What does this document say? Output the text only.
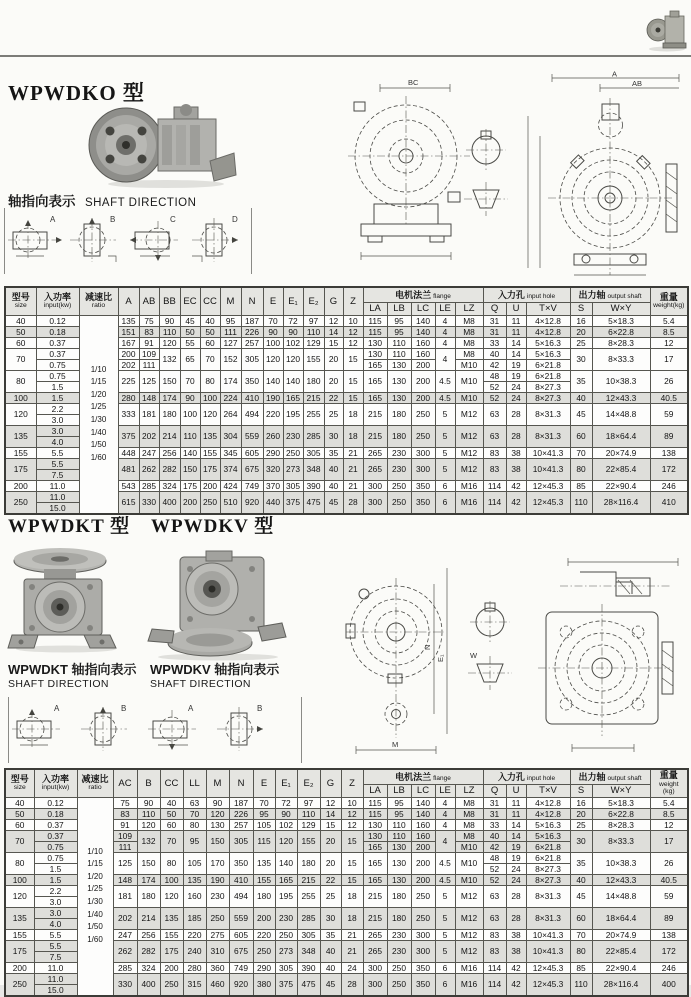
WPWDKO 型
轴指向表示 SHAFT DIRECTION
A	B	C	D
BC
A
AB
型号
size

入功率
input(kw)

减速比
ratio	A	AB	BB	EC	CC	M	N	E	E₁	E₂	G	Z	电机法兰 flange	入力孔 input hole	出力轴 output shaft	重量
weight(kg)

															LA	LB	LC	LE	LZ	Q	U	T×V	S	W×Y	
40	0.12	
1/10
1/15
1/20
1/25
1/30
1/40
1/50
1/60
	135	75	90	45	40	95	187	70	72	97	12	10	115	95	140	4	M8	31	11	4×12.8	16	5×18.3	5.4
50	0.18		151	83	110	50	50	111	226	90	90	110	14	12	115	95	140	4	M8	31	11	4×12.8	20	6×22.8	8.5
60	0.37		167	91	120	55	60	127	257	100	102	129	15	12	130	110	160	4	M8	33	14	5×16.3	25	8×28.3	12
70	0.37		200	109	132	65	70	152	305	120	120	155	20	15	130	110	160	4	M8	40	14	5×16.3	30	8×33.3	17
	0.75		202	111											165	130	200		M10	42	19	6×21.8			
80	0.75		225	125	150	70	80	174	350	140	140	180	20	15	165	130	200	4.5	M10	48	19	6×21.8	35	10×38.3	26
	1.5																			52	24	8×27.3			
100	1.5		280	148	174	90	100	224	410	190	165	215	22	15	165	130	200	4.5	M10	52	24	8×27.3	40	12×43.3	40.5
120	2.2		333	181	180	100	120	264	494	220	195	255	25	18	215	180	250	5	M12	63	28	8×31.3	45	14×48.8	59
	3.0																								
135	3.0		375	202	214	110	135	304	559	260	230	285	30	18	215	180	250	5	M12	63	28	8×31.3	60	18×64.4	89
	4.0																								
155	5.5		448	247	256	140	155	345	605	290	250	305	35	21	265	230	300	5	M12	83	38	10×41.3	70	20×74.9	138
175	5.5		481	262	282	150	175	374	675	320	273	348	40	21	265	230	300	5	M12	83	38	10×41.3	80	22×85.4	172
	7.5																								
200	11.0		543	285	324	175	200	424	749	370	305	390	40	21	300	250	350	6	M16	114	42	12×45.3	85	22×90.4	246
250	11.0		615	330	400	200	250	510	920	440	375	475	45	28	300	250	350	6	M16	114	42	12×45.3	110	28×116.4	410
	15.0																								
WPWDKT 型 WPWDKV 型
WPWDKT 轴指向表示
SHAFT DIRECTION
WPWDKV 轴指向表示
SHAFT DIRECTION
A	B	A	B
N
E₁
M
W
型号
size

入功率
input(kw)

减速比
ratio	AC	B	CC	LL	M	N	E	E₁	E₂	G	Z	电机法兰 flange	入力孔 input hole	出力轴 output shaft	重量
weight
(kg)

														LA	LB	LC	LE	LZ	Q	U	T×V	S	W×Y	
40	0.12	
1/10
1/15
1/20
1/25
1/30
1/40
1/50
1/60
	75	90	40	63	90	187	70	72	97	12	10	115	95	140	4	M8	31	11	4×12.8	16	5×18.3	5.4
50	0.18		83	110	50	70	120	226	95	90	110	14	12	115	95	140	4	M8	31	11	4×12.8	20	6×22.8	8.5
60	0.37		91	120	60	80	130	257	105	102	129	15	12	130	110	160	4	M8	33	14	5×16.3	25	8×28.3	12
70	0.37		109	132	70	95	150	305	115	120	155	20	15	130	110	160	4	M8	40	14	5×16.3	30	8×33.3	17
	0.75		111											165	130	200		M10	42	19	6×21.8			
80	0.75		125	150	80	105	170	350	135	140	180	20	15	165	130	200	4.5	M10	48	19	6×21.8	35	10×38.3	26
	1.5																		52	24	8×27.3			
100	1.5		148	174	100	135	190	410	155	165	215	22	15	165	130	200	4.5	M10	52	24	8×27.3	40	12×43.3	40.5
120	2.2		181	180	120	160	230	494	180	195	255	25	18	215	180	250	5	M12	63	28	8×31.3	45	14×48.8	59
	3.0																							
135	3.0		202	214	135	185	250	559	200	230	285	30	18	215	180	250	5	M12	63	28	8×31.3	60	18×64.4	89
	4.0																							
155	5.5		247	256	155	220	275	605	220	250	305	35	21	265	230	300	5	M12	83	38	10×41.3	70	20×74.9	138
175	5.5		262	282	175	240	310	675	250	273	348	40	21	265	230	300	5	M12	83	38	10×41.3	80	22×85.4	172
	7.5																							
200	11.0		285	324	200	280	360	749	290	305	390	40	24	300	250	350	6	M16	114	42	12×45.3	85	22×90.4	246
250	11.0		330	400	250	315	460	920	380	375	475	45	28	300	250	350	6	M16	114	42	12×45.3	110	28×116.4	400
	15.0																							
